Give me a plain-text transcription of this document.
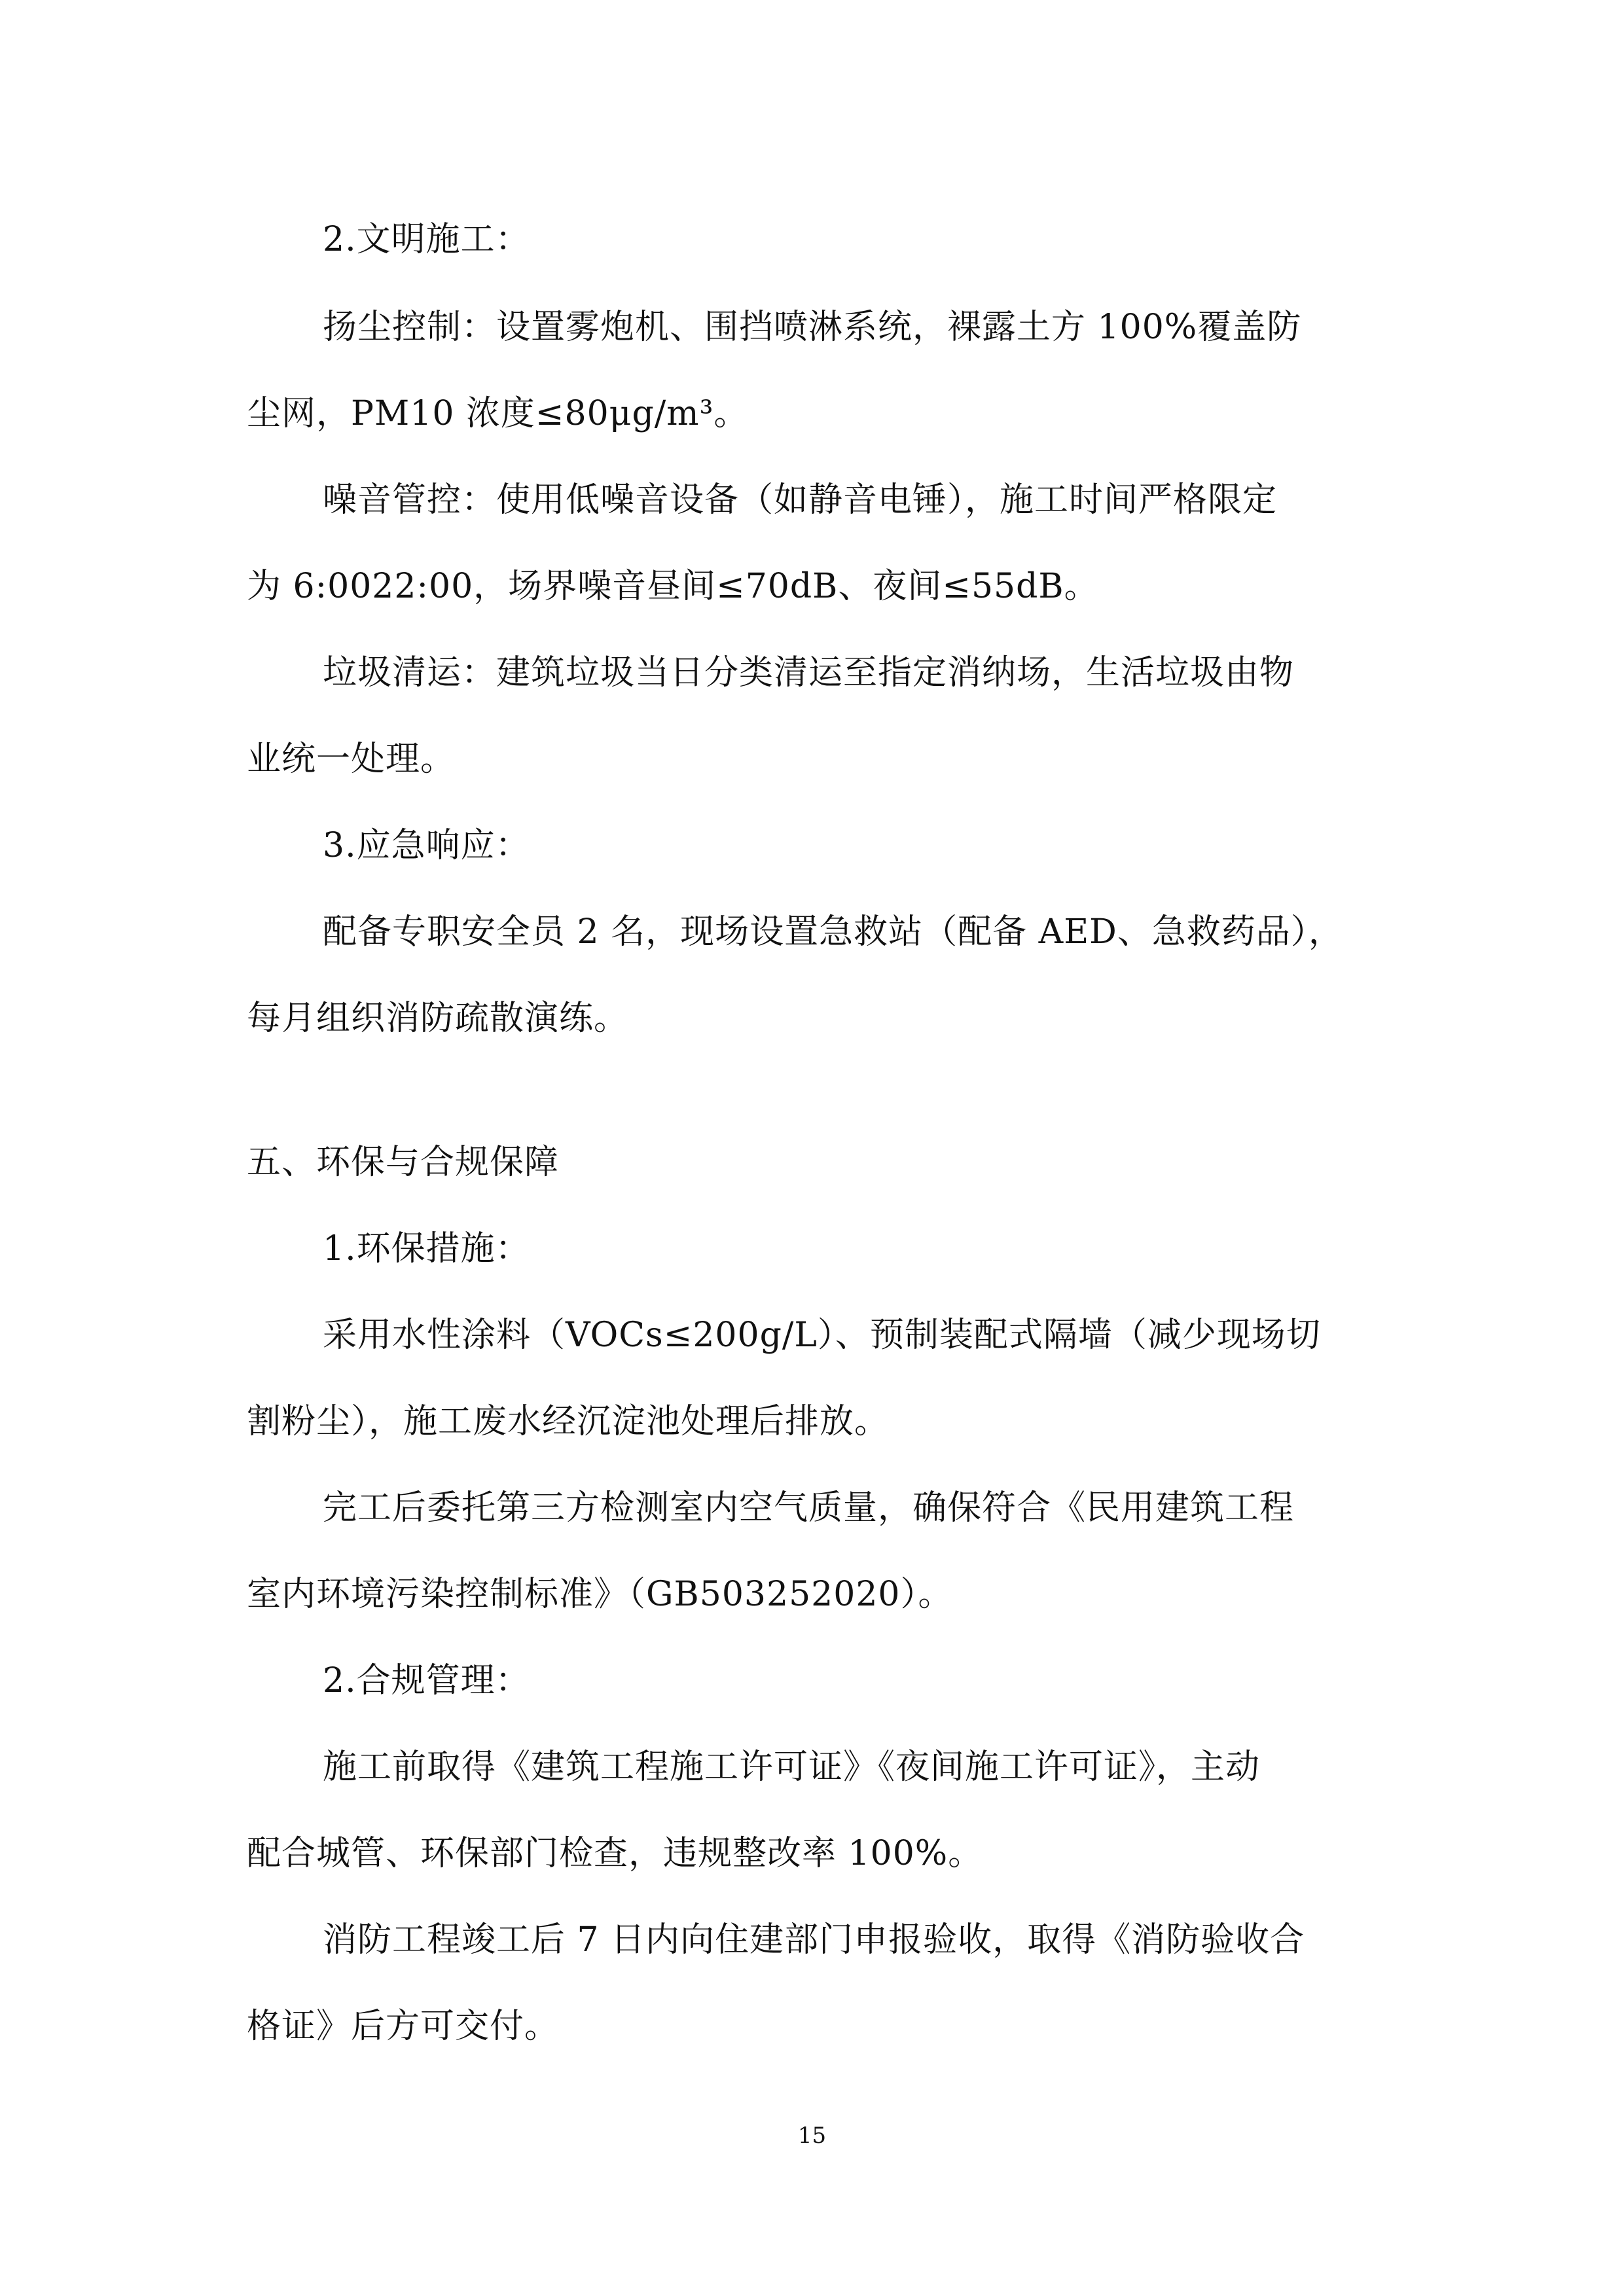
2.文明施工：
扬尘控制：设置雾炮机、围挡喷淋系统，裸露土方 100%覆盖防
尘网，PM10 浓度≤80μg/m³。
噪音管控：使用低噪音设备（如静音电锤），施工时间严格限定
为 6:0022:00，场界噪音昼间≤70dB、夜间≤55dB。
垃圾清运：建筑垃圾当日分类清运至指定消纳场，生活垃圾由物
业统一处理。
3.应急响应：
配备专职安全员 2 名，现场设置急救站（配备 AED、急救药品），
每月组织消防疏散演练。
五、环保与合规保障
1.环保措施：
采用水性涂料（VOCs≤200g/L）、预制装配式隔墙（减少现场切
割粉尘），施工废水经沉淀池处理后排放。
完工后委托第三方检测室内空气质量，确保符合《民用建筑工程
室内环境污染控制标准》（GB503252020）。
2.合规管理：
施工前取得《建筑工程施工许可证》《夜间施工许可证》，主动
配合城管、环保部门检查，违规整改率 100%。
消防工程竣工后 7 日内向住建部门申报验收，取得《消防验收合
格证》后方可交付。
15
